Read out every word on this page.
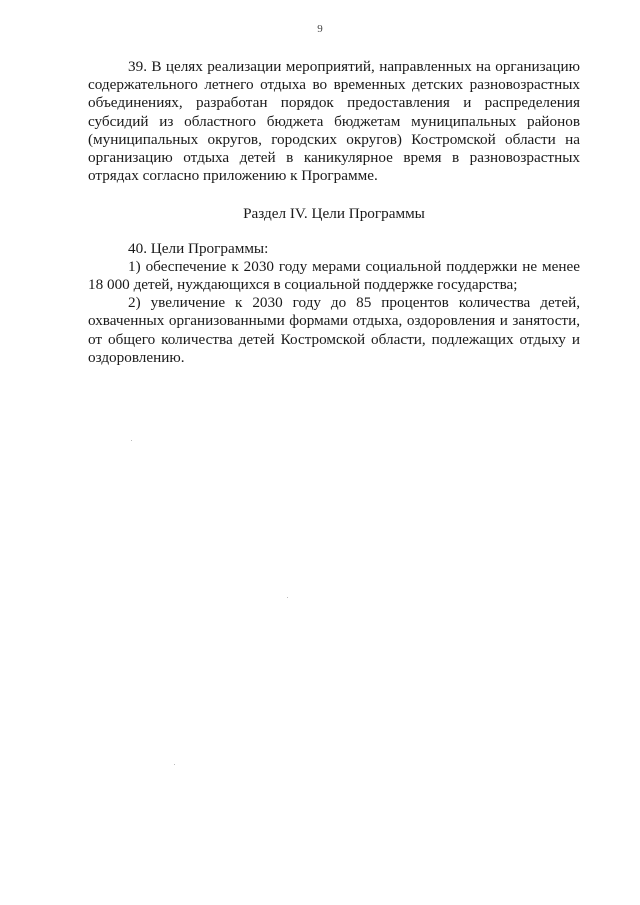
9

39. В целях реализации мероприятий, направленных на организацию содержательного летнего отдыха во временных детских разновозрастных объединениях, разработан порядок предоставления и распределения субсидий из областного бюджета бюджетам муниципальных районов (муниципальных округов, городских округов) Костромской области на организацию отдыха детей в каникулярное время в разновозрастных отрядах согласно приложению к Программе.

Раздел IV. Цели Программы

40. Цели Программы:

1) обеспечение к 2030 году мерами социальной поддержки не менее 18 000 детей, нуждающихся в социальной поддержке государства;

2) увеличение к 2030 году до 85 процентов количества детей, охваченных организованными формами отдыха, оздоровления и занятости, от общего количества детей Костромской области, подлежащих отдыху и оздоровлению.
